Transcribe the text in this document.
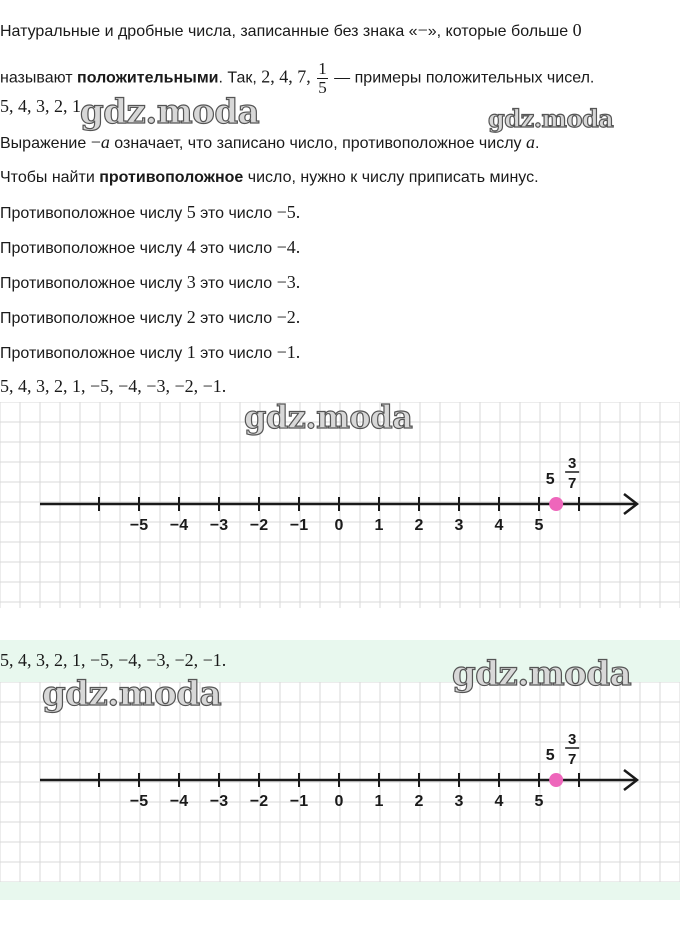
Натуральные и дробные числа, записанные без знака «−», которые больше 0
называют положительными. Так, 2, 4, 7, $\frac{1}{5}$ — примеры положительных чисел.
5, 4, 3, 2, 1
Выражение −a означает, что записано число, противоположное числу a.
Чтобы найти противоположное число, нужно к числу приписать минус.
Противоположное числу 5 это число −5.
Противоположное числу 4 это число −4.
Противоположное числу 3 это число −3.
Противоположное числу 2 это число −2.
Противоположное числу 1 это число −1.
5, 4, 3, 2, 1, −5, −4, −3, −2, −1.
−5 −4 −3 −2 −1 0 1 2 3 4 5
5
3
7
5, 4, 3, 2, 1, −5, −4, −3, −2, −1.
−5 −4 −3 −2 −1 0 1 2 3 4 5
5
3
7
gdz.moda	gdz.moda
gdz.moda
gdz.moda
gdz.moda
